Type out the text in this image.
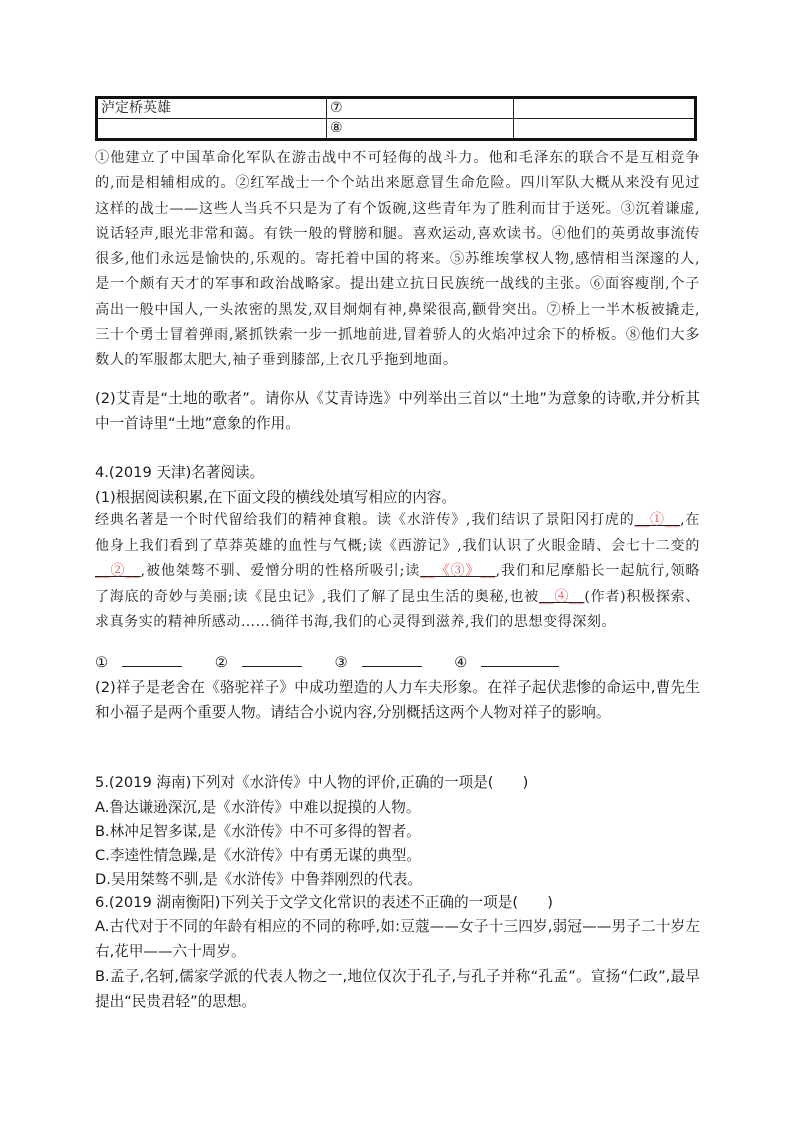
泸定桥英雄	⑦	
	⑧	
①他建立了中国革命化军队在游击战中不可轻侮的战斗力。他和毛泽东的联合不是互相竞争的,而是相辅相成的。②红军战士一个个站出来愿意冒生命危险。四川军队大概从来没有见过这样的战士——这些人当兵不只是为了有个饭碗,这些青年为了胜利而甘于送死。③沉着谦虚,说话轻声,眼光非常和蔼。有铁一般的臂膀和腿。喜欢运动,喜欢读书。④他们的英勇故事流传很多,他们永远是愉快的,乐观的。寄托着中国的将来。⑤苏维埃掌权人物,感情相当深邃的人,是一个颇有天才的军事和政治战略家。提出建立抗日民族统一战线的主张。⑥面容瘦削,个子高出一般中国人,一头浓密的黑发,双目炯炯有神,鼻梁很高,颧骨突出。⑦桥上一半木板被撬走,三十个勇士冒着弹雨,紧抓铁索一步一抓地前进,冒着骄人的火焰冲过余下的桥板。⑧他们大多数人的军服都太肥大,袖子垂到膝部,上衣几乎拖到地面。
(2)艾青是“土地的歌者”。请你从《艾青诗选》中列举出三首以“土地”为意象的诗歌,并分析其中一首诗里“土地”意象的作用。
4.(2019 天津)名著阅读。
(1)根据阅读积累,在下面文段的横线处填写相应的内容。
经典名著是一个时代留给我们的精神食粮。读《水浒传》,我们结识了景阳冈打虎的__①__,在他身上我们看到了草莽英雄的血性与气概;读《西游记》,我们认识了火眼金睛、会七十二变的__②__,被他桀骜不驯、爱憎分明的性格所吸引;读__《③》__,我们和尼摩船长一起航行,领略了海底的奇妙与美丽;读《昆虫记》,我们了解了昆虫生活的奥秘,也被__④__(作者)积极探索、求真务实的精神所感动……徜徉书海,我们的心灵得到滋养,我们的思想变得深刻。
①	②	③	④
(2)祥子是老舍在《骆驼祥子》中成功塑造的人力车夫形象。在祥子起伏悲惨的命运中,曹先生和小福子是两个重要人物。请结合小说内容,分别概括这两个人物对祥子的影响。
5.(2019 海南)下列对《水浒传》中人物的评价,正确的一项是(　　)
A.鲁达谦逊深沉,是《水浒传》中难以捉摸的人物。
B.林冲足智多谋,是《水浒传》中不可多得的智者。
C.李逵性情急躁,是《水浒传》中有勇无谋的典型。
D.吴用桀骜不驯,是《水浒传》中鲁莽刚烈的代表。
6.(2019 湖南衡阳)下列关于文学文化常识的表述不正确的一项是(　　)
A.古代对于不同的年龄有相应的不同的称呼,如:豆蔻——女子十三四岁,弱冠——男子二十岁左右,花甲——六十周岁。
B.孟子,名轲,儒家学派的代表人物之一,地位仅次于孔子,与孔子并称“孔孟”。宣扬“仁政”,最早提出“民贵君轻”的思想。
